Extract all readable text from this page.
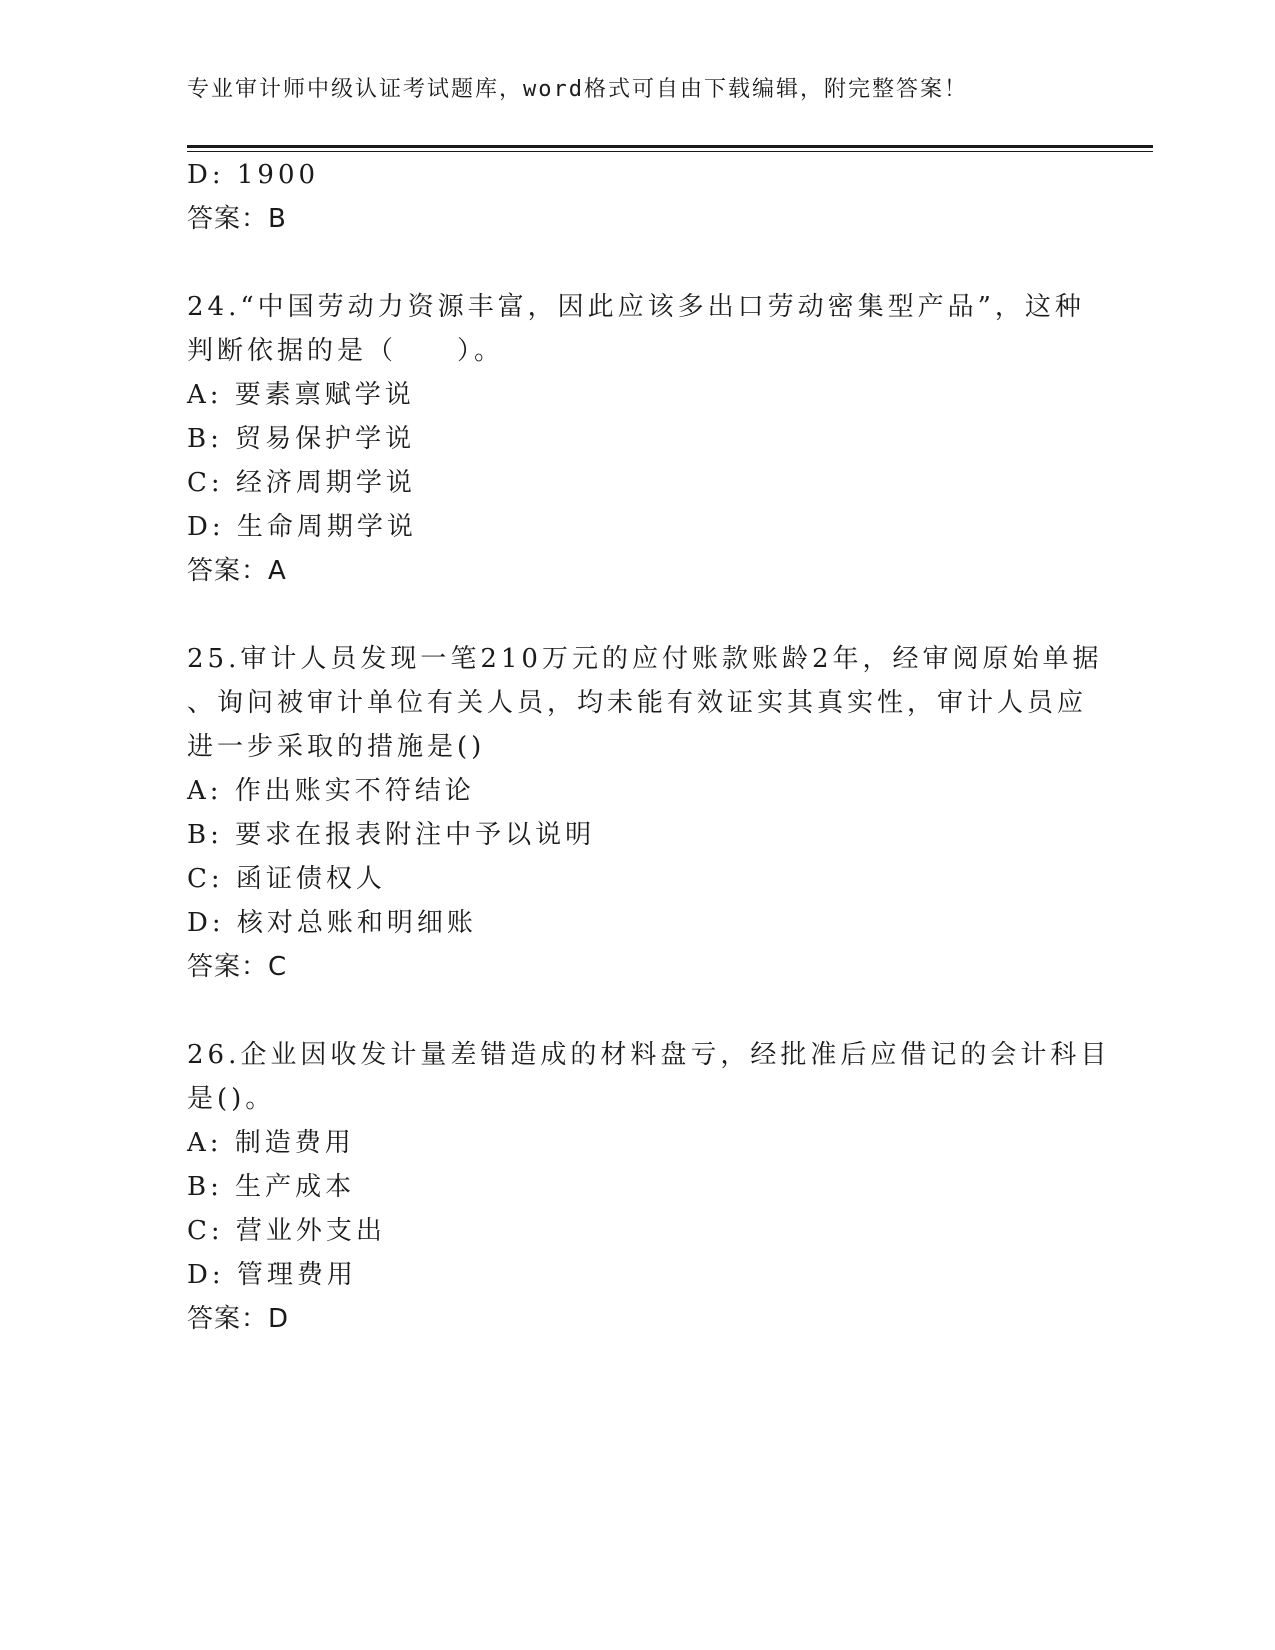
专业审计师中级认证考试题库，word格式可自由下载编辑，附完整答案！
D: 1900
答案：B
24.“中国劳动力资源丰富，因此应该多出口劳动密集型产品”，这种
判断依据的是（　　）。
A: 要素禀赋学说
B: 贸易保护学说
C: 经济周期学说
D: 生命周期学说
答案：A
25.审计人员发现一笔210万元的应付账款账龄2年，经审阅原始单据
、询问被审计单位有关人员，均未能有效证实其真实性，审计人员应
进一步采取的措施是()
A: 作出账实不符结论
B: 要求在报表附注中予以说明
C: 函证债权人
D: 核对总账和明细账
答案：C
26.企业因收发计量差错造成的材料盘亏，经批准后应借记的会计科目
是()。
A: 制造费用
B: 生产成本
C: 营业外支出
D: 管理费用
答案：D
